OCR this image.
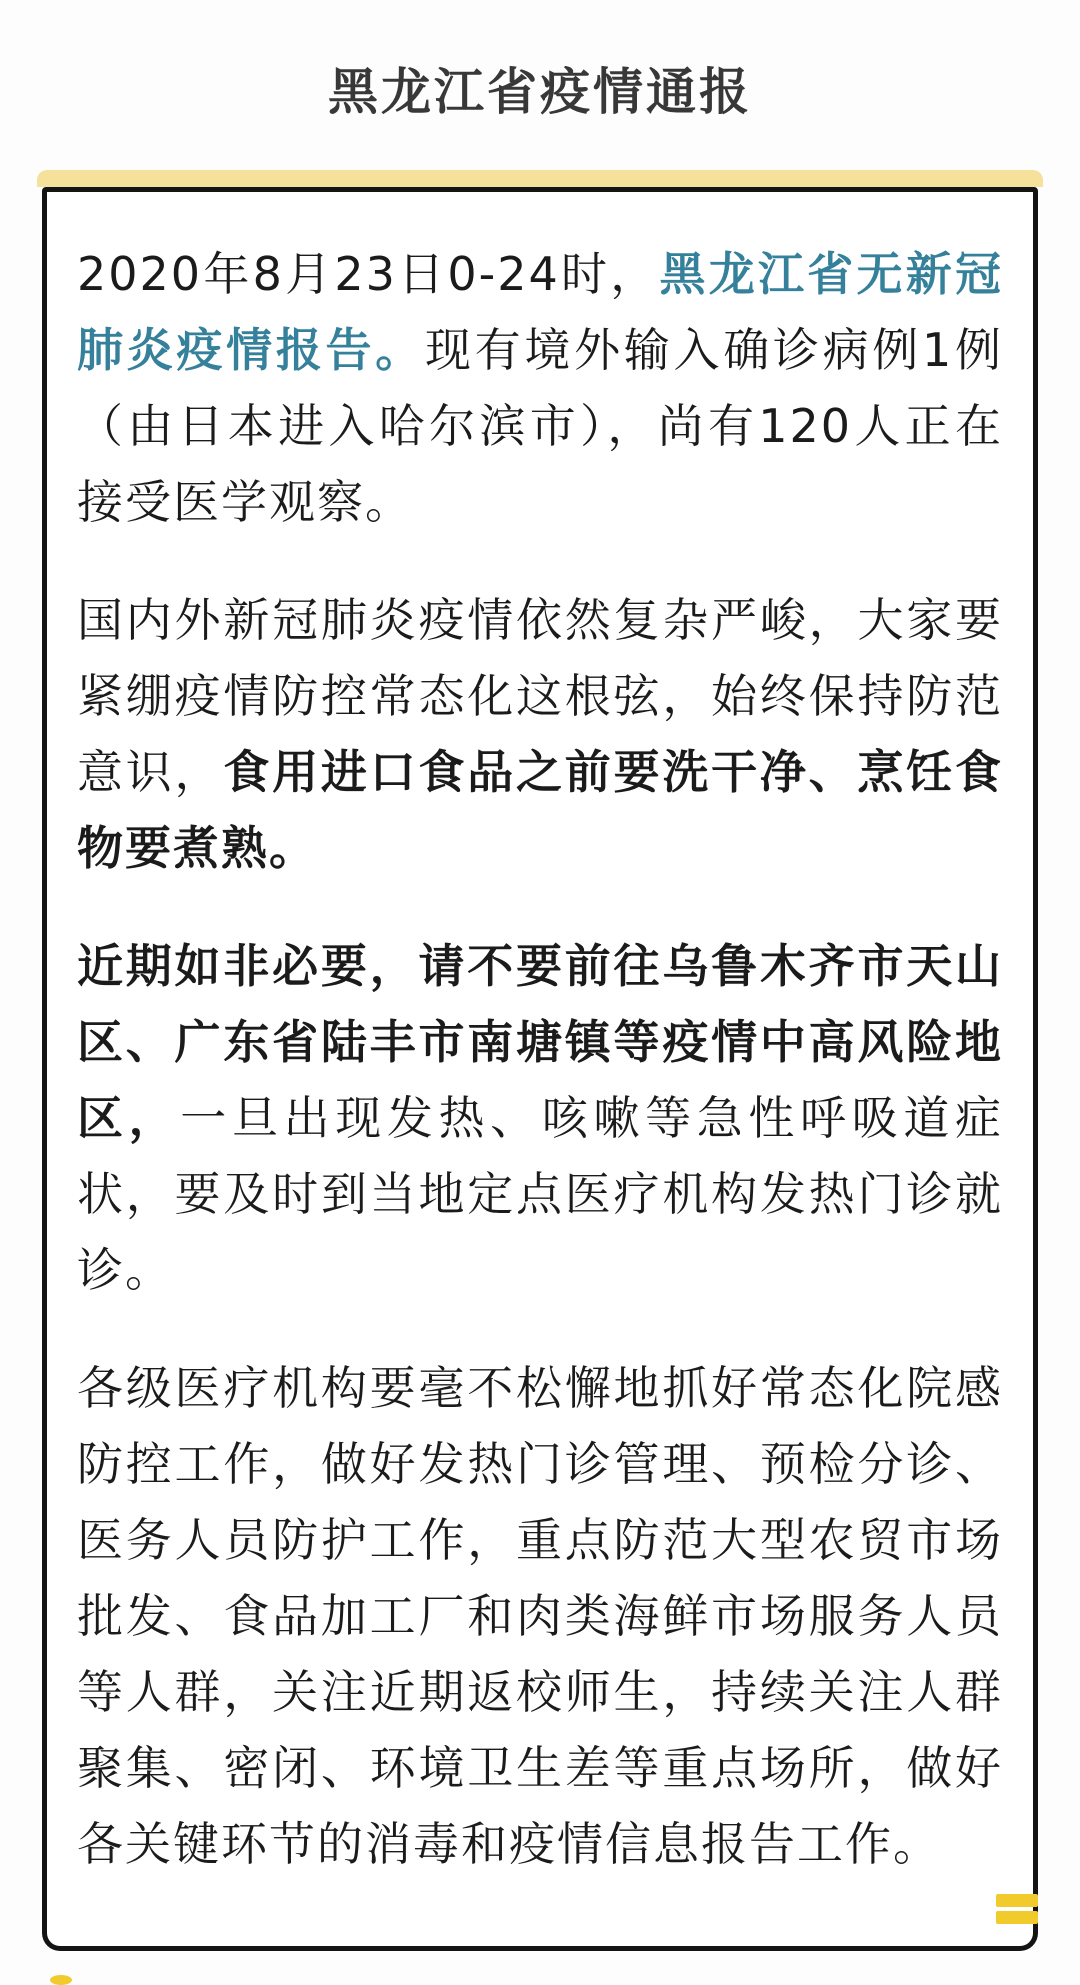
黑龙江省疫情通报

2020年8月23日0-24时，黑龙江省无新冠肺炎疫情报告。现有境外输入确诊病例1例（由日本进入哈尔滨市），尚有120人正在接受医学观察。

国内外新冠肺炎疫情依然复杂严峻，大家要紧绷疫情防控常态化这根弦，始终保持防范意识，食用进口食品之前要洗干净、烹饪食物要煮熟。

近期如非必要，请不要前往乌鲁木齐市天山区、广东省陆丰市南塘镇等疫情中高风险地区，一旦出现发热、咳嗽等急性呼吸道症状，要及时到当地定点医疗机构发热门诊就诊。

各级医疗机构要毫不松懈地抓好常态化院感防控工作，做好发热门诊管理、预检分诊、医务人员防护工作，重点防范大型农贸市场批发、食品加工厂和肉类海鲜市场服务人员等人群，关注近期返校师生，持续关注人群聚集、密闭、环境卫生差等重点场所，做好各关键环节的消毒和疫情信息报告工作。
